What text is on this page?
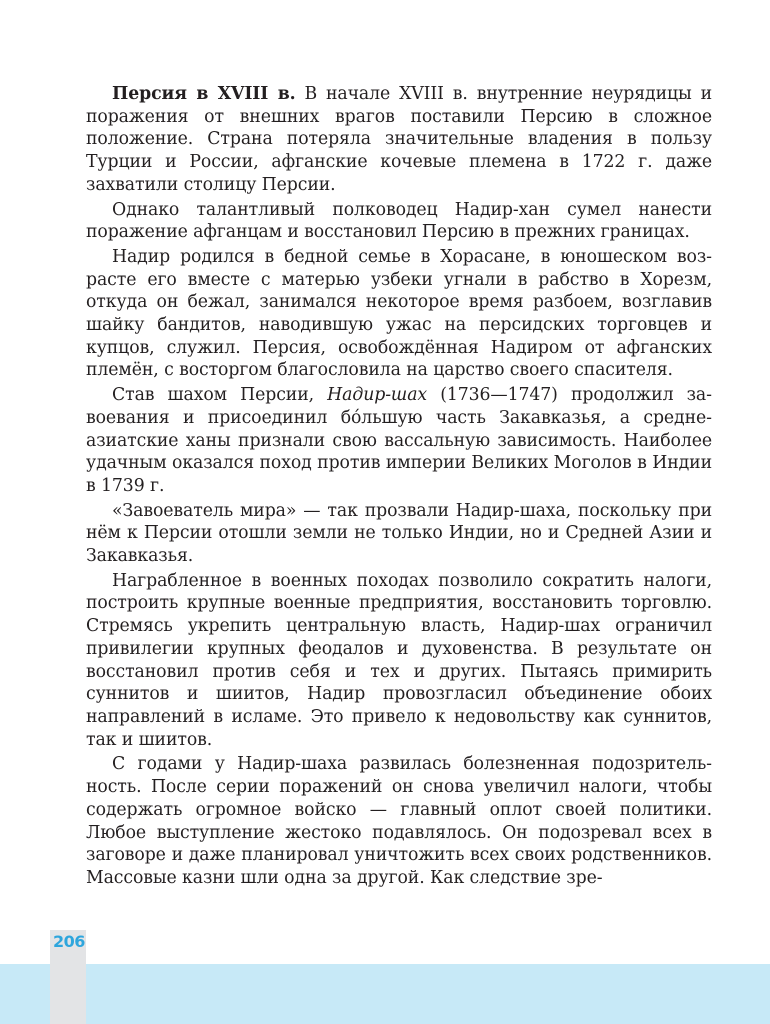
206

Персия в XVIII в. В начале XVIII в. внутренние неурядицы и поражения от внешних врагов поставили Персию в сложное положение. Страна потеряла значительные владения в пользу Турции и России, афганские кочевые племена в 1722 г. даже захватили столицу Персии.

Однако талантливый полководец Надир-хан сумел нанести поражение афганцам и восстановил Персию в прежних границах.

Надир родился в бедной семье в Хорасане, в юношеском возрасте его вместе с матерью узбеки угнали в рабство в Хорезм, откуда он бежал, занимался некоторое время разбоем, возглавив шайку бандитов, наводившую ужас на персидских торговцев и купцов, служил. Персия, освобождённая Надиром от афганских племён, с восторгом благословила на царство своего спасителя.

Став шахом Персии, Надир-шах (1736—1747) продолжил завоевания и присоединил бóльшую часть Закавказья, а среднеазиатские ханы признали свою вассальную зависимость. Наиболее удачным оказался поход против империи Великих Моголов в Индии в 1739 г.

«Завоеватель мира» — так прозвали Надир-шаха, поскольку при нём к Персии отошли земли не только Индии, но и Средней Азии и Закавказья.

Награбленное в военных походах позволило сократить налоги, построить крупные военные предприятия, восстановить торговлю. Стремясь укрепить центральную власть, Надир-шах ограничил привилегии крупных феодалов и духовенства. В результате он восстановил против себя и тех и других. Пытаясь примирить суннитов и шиитов, Надир провозгласил объединение обоих направлений в исламе. Это привело к недовольству как суннитов, так и шиитов.

С годами у Надир-шаха развилась болезненная подозрительность. После серии поражений он снова увеличил налоги, чтобы содержать огромное войско — главный оплот своей политики. Любое выступление жестоко подавлялось. Он подозревал всех в заговоре и даже планировал уничтожить всех своих родственников. Массовые казни шли одна за другой. Как следствие зре-
